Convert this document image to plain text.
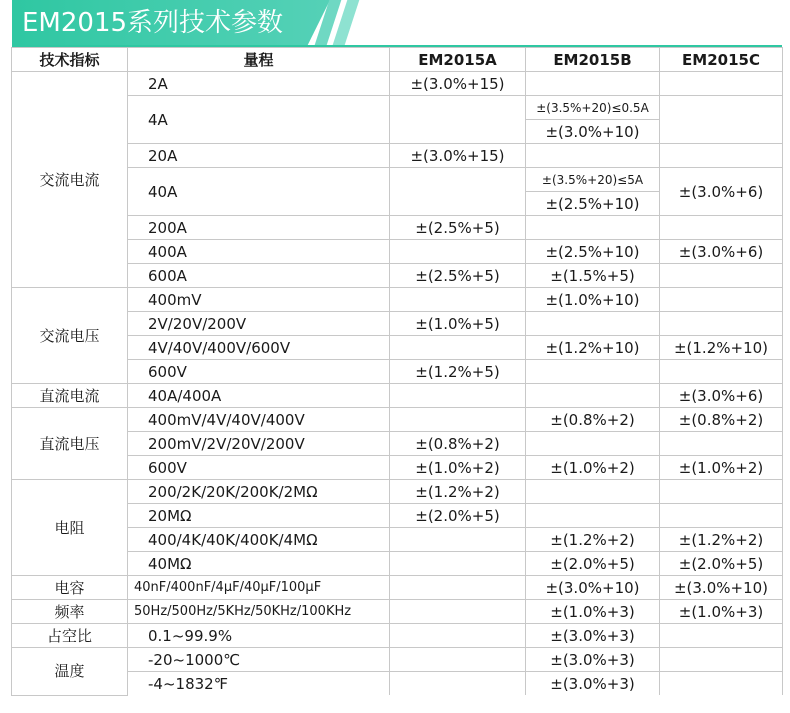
EM2015系列技术参数
技术指标	量程	EM2015A	EM2015B	EM2015C
交流电流	2A	±(3.0%+15)		
	4A		±(3.5%+20)≤0.5A	
			±(3.0%+10)	
	20A	±(3.0%+15)		
	40A		±(3.5%+20)≤5A	±(3.0%+6)
			±(2.5%+10)	
	200A	±(2.5%+5)		
	400A		±(2.5%+10)	±(3.0%+6)
	600A	±(2.5%+5)	±(1.5%+5)	
交流电压	400mV		±(1.0%+10)	
	2V/20V/200V	±(1.0%+5)		
	4V/40V/400V/600V		±(1.2%+10)	±(1.2%+10)
	600V	±(1.2%+5)		
直流电流	40A/400A			±(3.0%+6)
直流电压	400mV/4V/40V/400V		±(0.8%+2)	±(0.8%+2)
	200mV/2V/20V/200V	±(0.8%+2)		
	600V	±(1.0%+2)	±(1.0%+2)	±(1.0%+2)
电阻	200/2K/20K/200K/2MΩ	±(1.2%+2)		
	20MΩ	±(2.0%+5)		
	400/4K/40K/400K/4MΩ		±(1.2%+2)	±(1.2%+2)
	40MΩ		±(2.0%+5)	±(2.0%+5)
电容	40nF/400nF/4μF/40μF/100μF		±(3.0%+10)	±(3.0%+10)
频率	50Hz/500Hz/5KHz/50KHz/100KHz		±(1.0%+3)	±(1.0%+3)
占空比	0.1~99.9%		±(3.0%+3)	
温度	-20~1000℃		±(3.0%+3)	
	-4~1832℉		±(3.0%+3)	
